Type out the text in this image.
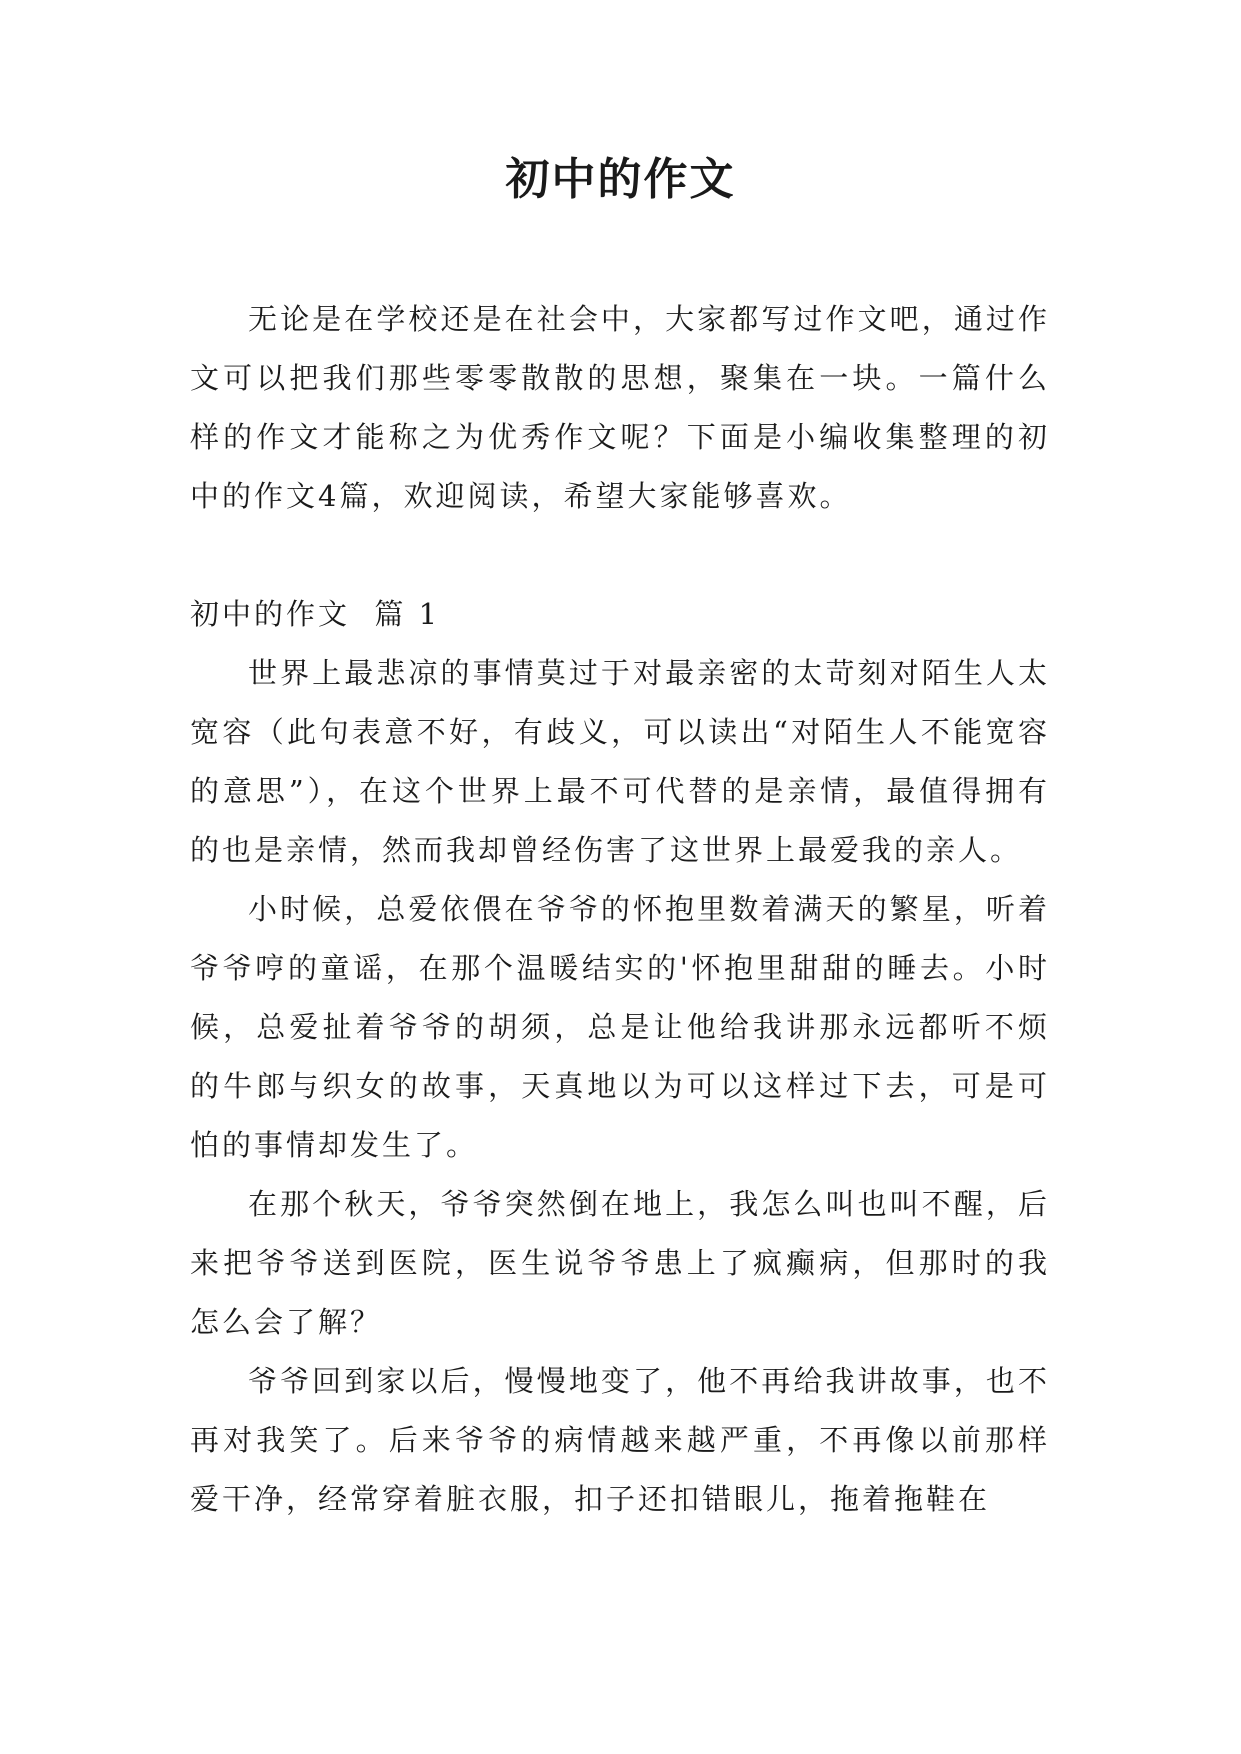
初中的作文

无论是在学校还是在社会中，大家都写过作文吧，通过作文可以把我们那些零零散散的思想，聚集在一块。一篇什么样的作文才能称之为优秀作文呢？下面是小编收集整理的初中的作文4篇，欢迎阅读，希望大家能够喜欢。

初中的作文  篇 1

世界上最悲凉的事情莫过于对最亲密的太苛刻对陌生人太宽容（此句表意不好，有歧义，可以读出“对陌生人不能宽容的意思”），在这个世界上最不可代替的是亲情，最值得拥有的也是亲情，然而我却曾经伤害了这世界上最爱我的亲人。

小时候，总爱依偎在爷爷的怀抱里数着满天的繁星，听着爷爷哼的童谣，在那个温暖结实的'怀抱里甜甜的睡去。小时候，总爱扯着爷爷的胡须，总是让他给我讲那永远都听不烦的牛郎与织女的故事，天真地以为可以这样过下去，可是可怕的事情却发生了。

在那个秋天，爷爷突然倒在地上，我怎么叫也叫不醒，后来把爷爷送到医院，医生说爷爷患上了疯癫病，但那时的我怎么会了解？

爷爷回到家以后，慢慢地变了，他不再给我讲故事，也不再对我笑了。后来爷爷的病情越来越严重，不再像以前那样爱干净，经常穿着脏衣服，扣子还扣错眼儿，拖着拖鞋在
